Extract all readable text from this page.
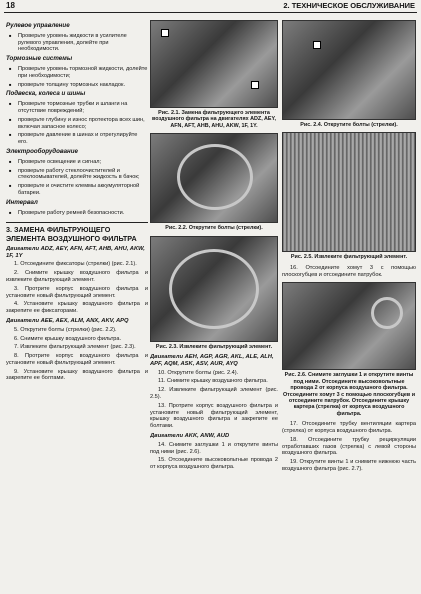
18	2. ТЕХНИЧЕСКОЕ ОБСЛУЖИВАНИЕ
Рулевое управление
■ Проверьте уровень жидкости в усилителе рулевого управления, долейте при необходимости.
Тормозные системы
■ Проверьте уровень тормозной жидкости, долейте при необходимости;
■ проверьте толщину тормозных накладок.
Подвеска, колеса и шины
■ Проверьте тормозные трубки и шланги на отсутствие повреждений;
■ проверьте глубину и износ протектора всех шин, включая запасное колесо;
■ проверьте давление в шинах и отрегулируйте его.
Электрооборудование
■ Проверьте освещение и сигнал;
■ проверьте работу стеклоочистителей и стеклоомывателей, долейте жидкость в бачок;
■ проверьте и очистите клеммы аккумуляторной батареи.
Интервал
■ Проверьте работу ремней безопасности.
3. ЗАМЕНА ФИЛЬТРУЮЩЕГО ЭЛЕМЕНТА ВОЗДУШНОГО ФИЛЬТРА
Двигатели ADZ, AEY, AFN, AFT, AHB, AHU, AKW, 1F, 1Y

1. Отсоедините фиксаторы (стрелки) (рис. 2.1).

2. Снимите крышку воздушного фильтра и извлеките фильтрующий элемент.

3. Протрите корпус воздушного фильтра и установите новый фильтрующий элемент.

4. Установите крышку воздушного фильтра и закрепите ее фиксаторами.

Двигатели AEE, AEX, ALM, ANX, AKV, APQ

5. Открутите болты (стрелки) (рис. 2.2).

6. Снимите крышку воздушного фильтра.

7. Извлеките фильтрующий элемент (рис. 2.3).

8. Протрите корпус воздушного фильтра и установите новый фильтрующий элемент.

9. Установите крышку воздушного фильтра и закрепите ее болтами.

Рис. 2.1. Замена фильтрующего элемента воздушного фильтра на двигателях ADZ, AEY, AFN, AFT, AHB, AHU, AKW, 1F, 1Y.
Рис. 2.2. Открутите болты (стрелки).
Рис. 2.3. Извлеките фильтрующий элемент.
Двигатели AEH, AGP, AGR, AKL, ALE, ALH, APF, AQM, ASK, ASV, AUR, AYQ

10. Открутите болты (рис. 2.4).

11. Снимите крышку воздушного фильтра.

12. Извлеките фильтрующий элемент (рис. 2.5).

13. Протрите корпус воздушного фильтра и установите новый фильтрующий элемент, крышку воздушного фильтра и закрепите ее болтами.

Двигатели AKK, ANW, AUD

14. Снимите заглушки 1 и открутите винты под ними (рис. 2.6).

15. Отсоедините высоковольтные провода 2 от корпуса воздушного фильтра.

Рис. 2.4. Открутите болты (стрелки).
Рис. 2.5. Извлеките фильтрующий элемент.

16. Отсоедините хомут 3 с помощью плоскогубцев и отсоедините патрубок.

Рис. 2.6. Снимите заглушки 1 и открутите винты под ними. Отсоедините высоковольтные провода 2 от корпуса воздушного фильтра. Отсоедините хомут 3 с помощью плоскогубцев и отсоедините патрубок. Отсоедините крышку картера (стрелка) от корпуса воздушного фильтра.

17. Отсоедините трубку вентиляции картера (стрелка) от корпуса воздушного фильтра.

18. Отсоедините трубку рециркуляции отработавших газов (стрелка) с левой стороны воздушного фильтра.

19. Открутите винты 1 и снимите нижнюю часть воздушного фильтра (рис. 2.7).
